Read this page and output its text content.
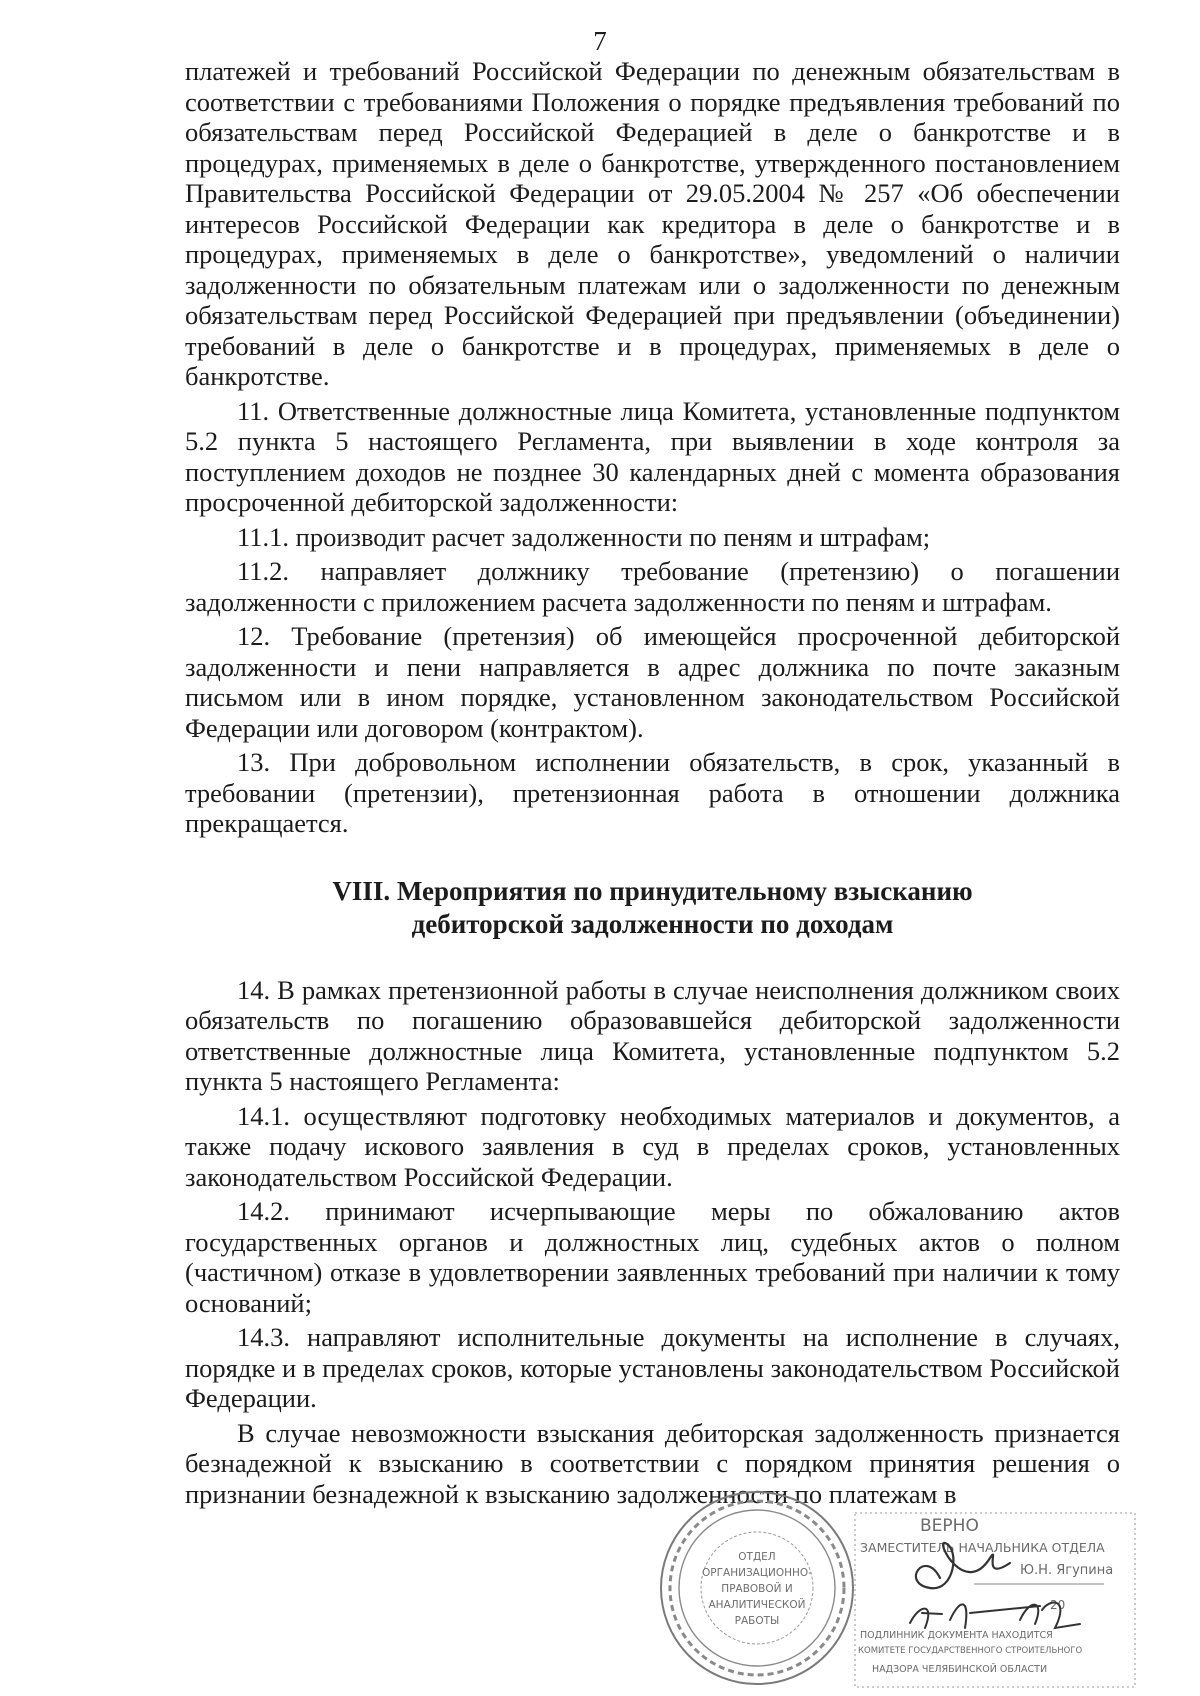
7

платежей и требований Российской Федерации по денежным обязательствам в соответствии с требованиями Положения о порядке предъявления требований по обязательствам перед Российской Федерацией в деле о банкротстве и в процедурах, применяемых в деле о банкротстве, утвержденного постановлением Правительства Российской Федерации от 29.05.2004 № 257 «Об обеспечении интересов Российской Федерации как кредитора в деле о банкротстве и в процедурах, применяемых в деле о банкротстве», уведомлений о наличии задолженности по обязательным платежам или о задолженности по денежным обязательствам перед Российской Федерацией при предъявлении (объединении) требований в деле о банкротстве и в процедурах, применяемых в деле о банкротстве.

11. Ответственные должностные лица Комитета, установленные подпунктом 5.2 пункта 5 настоящего Регламента, при выявлении в ходе контроля за поступлением доходов не позднее 30 календарных дней с момента образования просроченной дебиторской задолженности:

11.1. производит расчет задолженности по пеням и штрафам;

11.2. направляет должнику требование (претензию) о погашении задолженности с приложением расчета задолженности по пеням и штрафам.

12. Требование (претензия) об имеющейся просроченной дебиторской задолженности и пени направляется в адрес должника по почте заказным письмом или в ином порядке, установленном законодательством Российской Федерации или договором (контрактом).

13. При добровольном исполнении обязательств, в срок, указанный в требовании (претензии), претензионная работа в отношении должника прекращается.

VIII. Мероприятия по принудительному взысканию
дебиторской задолженности по доходам

14. В рамках претензионной работы в случае неисполнения должником своих обязательств по погашению образовавшейся дебиторской задолженности ответственные должностные лица Комитета, установленные подпунктом 5.2 пункта 5 настоящего Регламента:

14.1. осуществляют подготовку необходимых материалов и документов, а также подачу искового заявления в суд в пределах сроков, установленных законодательством Российской Федерации.

14.2. принимают исчерпывающие меры по обжалованию актов государственных органов и должностных лиц, судебных актов о полном (частичном) отказе в удовлетворении заявленных требований при наличии к тому оснований;

14.3. направляют исполнительные документы на исполнение в случаях, порядке и в пределах сроков, которые установлены законодательством Российской Федерации.

В случае невозможности взыскания дебиторская задолженность признается безнадежной к взысканию в соответствии с порядком принятия решения о признании безнадежной к взысканию задолженности по платежам в

ОТДЕЛ
ОРГАНИЗАЦИОННО-
ПРАВОВОЙ И
АНАЛИТИЧЕСКОЙ
РАБОТЫ
ВЕРНО
ЗАМЕСТИТЕЛЬ НАЧАЛЬНИКА ОТДЕЛА
Ю.Н. Ягупина
20
ПОДЛИННИК ДОКУМЕНТА НАХОДИТСЯ
КОМИТЕТЕ ГОСУДАРСТВЕННОГО СТРОИТЕЛЬНОГО
НАДЗОРА ЧЕЛЯБИНСКОЙ ОБЛАСТИ
